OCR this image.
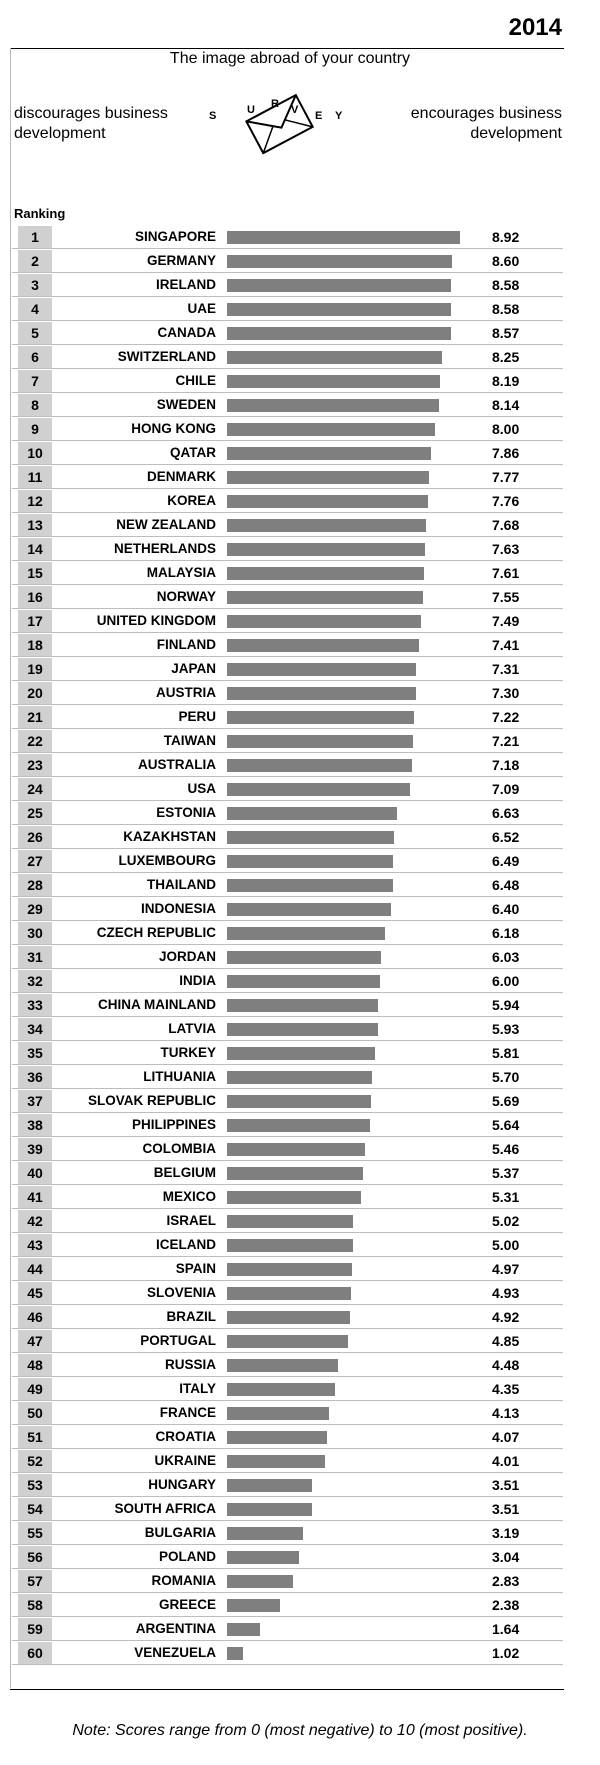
2014
The image abroad of your country
discourages business
development
S	U R V E Y	encourages business
development
Ranking
1	SINGAPORE	8.92
2	GERMANY	8.60
3	IRELAND	8.58
4	UAE	8.58
5	CANADA	8.57
6	SWITZERLAND	8.25
7	CHILE	8.19
8	SWEDEN	8.14
9	HONG KONG	8.00
10	QATAR	7.86
11	DENMARK	7.77
12	KOREA	7.76
13	NEW ZEALAND	7.68
14	NETHERLANDS	7.63
15	MALAYSIA	7.61
16	NORWAY	7.55
17	UNITED KINGDOM	7.49
18	FINLAND	7.41
19	JAPAN	7.31
20	AUSTRIA	7.30
21	PERU	7.22
22	TAIWAN	7.21
23	AUSTRALIA	7.18
24	USA	7.09
25	ESTONIA	6.63
26	KAZAKHSTAN	6.52
27	LUXEMBOURG	6.49
28	THAILAND	6.48
29	INDONESIA	6.40
30	CZECH REPUBLIC	6.18
31	JORDAN	6.03
32	INDIA	6.00
33	CHINA MAINLAND	5.94
34	LATVIA	5.93
35	TURKEY	5.81
36	LITHUANIA	5.70
37	SLOVAK REPUBLIC	5.69
38	PHILIPPINES	5.64
39	COLOMBIA	5.46
40	BELGIUM	5.37
41	MEXICO	5.31
42	ISRAEL	5.02
43	ICELAND	5.00
44	SPAIN	4.97
45	SLOVENIA	4.93
46	BRAZIL	4.92
47	PORTUGAL	4.85
48	RUSSIA	4.48
49	ITALY	4.35
50	FRANCE	4.13
51	CROATIA	4.07
52	UKRAINE	4.01
53	HUNGARY	3.51
54	SOUTH AFRICA	3.51
55	BULGARIA	3.19
56	POLAND	3.04
57	ROMANIA	2.83
58	GREECE	2.38
59	ARGENTINA	1.64
60	VENEZUELA	1.02
Note: Scores range from 0 (most negative) to 10 (most positive).
